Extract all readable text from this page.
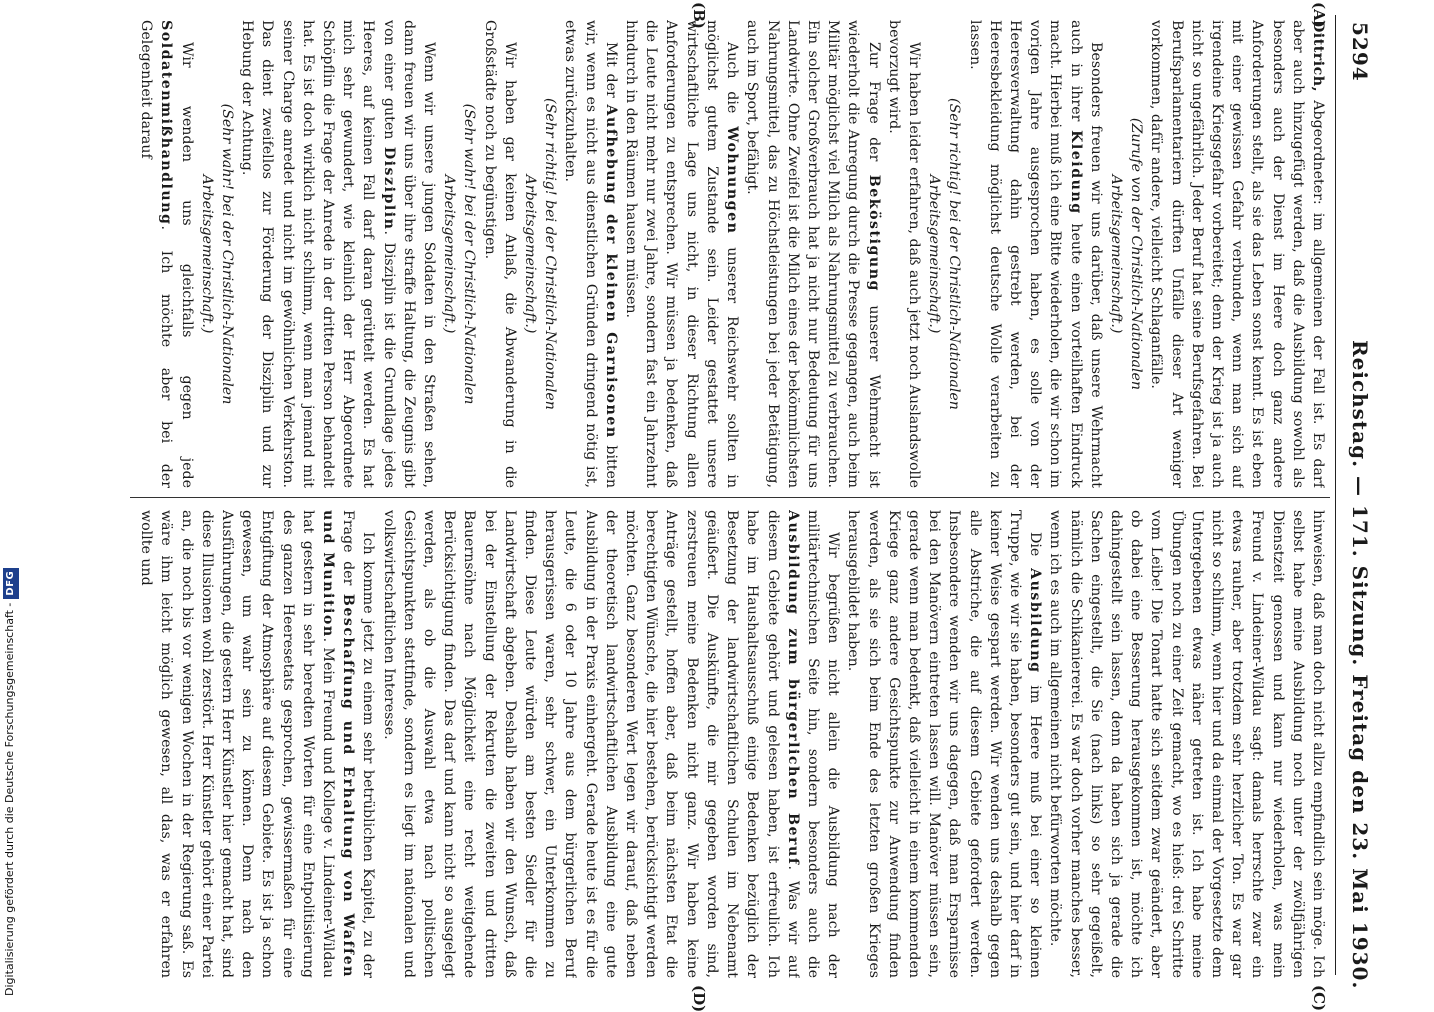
Digitalisierung gefördert durch die Deutsche Forschungsgemeinschaft -DFG
5294
Reichstag. — 171. Sitzung. Freitag den 23. Mai 1930.
(A)
(B)
(C)
(D)

Dittrich, Abgeordneter: im allgemeinen der Fall ist. Es darf aber auch hinzugefügt werden, daß die Ausbildung sowohl als besonders auch der Dienst im Heere doch ganz andere Anforderungen stellt, als sie das Leben sonst kennt. Es ist eben mit einer gewissen Gefahr verbunden, wenn man sich auf irgendeine Kriegsgefahr vorbereitet; denn der Krieg ist ja auch nicht so ungefährlich. Jeder Beruf hat seine Berufsgefahren. Bei Berufsparlamentariern dürften Unfälle dieser Art weniger vorkommen, dafür andere, vielleicht Schlaganfälle.

(Zurufe von der Christlich-Nationalen Arbeitsgemeinschaft.)

Besonders freuen wir uns darüber, daß unsere Wehrmacht auch in ihrer Kleidung heute einen vorteilhaften Eindruck macht. Hierbei muß ich eine Bitte wiederholen, die wir schon im vorigen Jahre ausgesprochen haben, es solle von der Heeresverwaltung dahin gestrebt werden, bei der Heeresbekleidung möglichst deutsche Wolle verarbeiten zu lassen.

(Sehr richtig! bei der Christlich-Nationalen Arbeitsgemeinschaft.)

Wir haben leider erfahren, daß auch jetzt noch Auslandswolle bevorzugt wird.

Zur Frage der Beköstigung unserer Wehrmacht ist wiederholt die Anregung durch die Presse gegangen, auch beim Militär möglichst viel Milch als Nahrungsmittel zu verbrauchen. Ein solcher Großverbrauch hat ja nicht nur Bedeutung für uns Landwirte. Ohne Zweifel ist die Milch eines der bekömmlichsten Nahrungsmittel, das zu Höchstleistungen bei jeder Betätigung, auch im Sport, befähigt.

Auch die Wohnungen unserer Reichswehr sollten in möglichst gutem Zustande sein. Leider gestattet unsere wirtschaftliche Lage uns nicht, in dieser Richtung allen Anforderungen zu entsprechen. Wir müssen ja bedenken, daß die Leute nicht mehr nur zwei Jahre, sondern fast ein Jahrzehnt hindurch in den Räumen hausen müssen.

Mit der Aufhebung der kleinen Garnisonen bitten wir, wenn es nicht aus dienstlichen Gründen dringend nötig ist, etwas zurückzuhalten.

(Sehr richtig! bei der Christlich-Nationalen Arbeitsgemeinschaft.)

Wir haben gar keinen Anlaß, die Abwanderung in die Großstädte noch zu begünstigen.

(Sehr wahr! bei der Christlich-Nationalen Arbeitsgemeinschaft.)

Wenn wir unsere jungen Soldaten in den Straßen sehen, dann freuen wir uns über ihre straffe Haltung, die Zeugnis gibt von einer guten Disziplin. Disziplin ist die Grundlage jedes Heeres, auf keinen Fall darf daran gerüttelt werden. Es hat mich sehr gewundert, wie kleinlich der Herr Abgeordnete Schöpflin die Frage der Anrede in der dritten Person behandelt hat. Es ist doch wirklich nicht schlimm, wenn man jemand mit seiner Charge anredet und nicht im gewöhnlichen Verkehrston. Das dient zweifellos zur Förderung der Disziplin und zur Hebung der Achtung.

(Sehr wahr! bei der Christlich-Nationalen Arbeitsgemeinschaft.)

Wir wenden uns gleichfalls gegen jede Soldatenmißhandlung. Ich möchte aber bei der Gelegenheit darauf

hinweisen, daß man doch nicht allzu empfindlich sein möge. Ich selbst habe meine Ausbildung noch unter der zwölfjährigen Dienstzeit genossen und kann nur wiederholen, was mein Freund v. Lindeiner-Wildau sagt: damals herrschte zwar ein etwas rauher, aber trotzdem sehr herzlicher Ton. Es war gar nicht so schlimm, wenn hier und da einmal der Vorgesetzte dem Untergebenen etwas näher getreten ist. Ich habe meine Übungen noch zu einer Zeit gemacht, wo es hieß: drei Schritte vom Leibe! Die Tonart hatte sich seitdem zwar geändert, aber ob dabei eine Besserung herausgekommen ist, möchte ich dahingestellt sein lassen, denn da haben sich ja gerade die Sachen eingestellt, die Sie (nach links) so sehr gegeißelt, nämlich die Schikaniererei. Es war doch vorher manches besser, wenn ich es auch im allgemeinen nicht befürworten möchte.

Die Ausbildung im Heere muß bei einer so kleinen Truppe, wie wir sie haben, besonders gut sein, und hier darf in keiner Weise gespart werden. Wir wenden uns deshalb gegen alle Abstriche, die auf diesem Gebiete gefordert werden. Insbesondere wenden wir uns dagegen, daß man Ersparnisse bei den Manövern eintreten lassen will. Manöver müssen sein, gerade wenn man bedenkt, daß vielleicht in einem kommenden Kriege ganz andere Gesichtspunkte zur Anwendung finden werden, als sie sich beim Ende des letzten großen Krieges herausgebildet haben.

Wir begrüßen nicht allein die Ausbildung nach der militärtechnischen Seite hin, sondern besonders auch die Ausbildung zum bürgerlichen Beruf. Was wir auf diesem Gebiete gehört und gelesen haben, ist erfreulich. Ich habe im Haushaltsausschuß einige Bedenken bezüglich der Besetzung der landwirtschaftlichen Schulen im Nebenamt geäußert. Die Auskünfte, die mir gegeben worden sind, zerstreuen meine Bedenken nicht ganz. Wir haben keine Anträge gestellt, hoffen aber, daß beim nächsten Etat die berechtigten Wünsche, die hier bestehen, berücksichtigt werden möchten. Ganz besonderen Wert legen wir darauf, daß neben der theoretisch landwirtschaftlichen Ausbildung eine gute Ausbildung in der Praxis einhergeht. Gerade heute ist es für die Leute, die 6 oder 10 Jahre aus dem bürgerlichen Beruf herausgerissen waren, sehr schwer, ein Unterkommen zu finden. Diese Leute würden am besten Siedler für die Landwirtschaft abgeben. Deshalb haben wir den Wunsch, daß bei der Einstellung der Rekruten die zweiten und dritten Bauernsöhne nach Möglichkeit eine recht weitgehende Berücksichtigung finden. Das darf und kann nicht so ausgelegt werden, als ob die Auswahl etwa nach politischen Gesichtspunkten stattfinde, sondern es liegt im nationalen und volkswirtschaftlichen Interesse.

Ich komme jetzt zu einem sehr betrüblichen Kapitel, zu der Frage der Beschaffung und Erhaltung von Waffen und Munition. Mein Freund und Kollege v. Lindeiner-Wildau hat gestern in sehr beredten Worten für eine Entpolitisierung des ganzen Heeresetats gesprochen, gewissermaßen für eine Entgiftung der Atmosphäre auf diesem Gebiete. Es ist ja schon gewesen, um wahr sein zu können. Denn nach den Ausführungen, die gestern Herr Künstler hier gemacht hat, sind diese Illusionen wohl zerstört. Herr Künstler gehört einer Partei an, die noch bis vor wenigen Wochen in der Regierung saß. Es wäre ihm leicht möglich gewesen, all das, was er erfahren wollte und
